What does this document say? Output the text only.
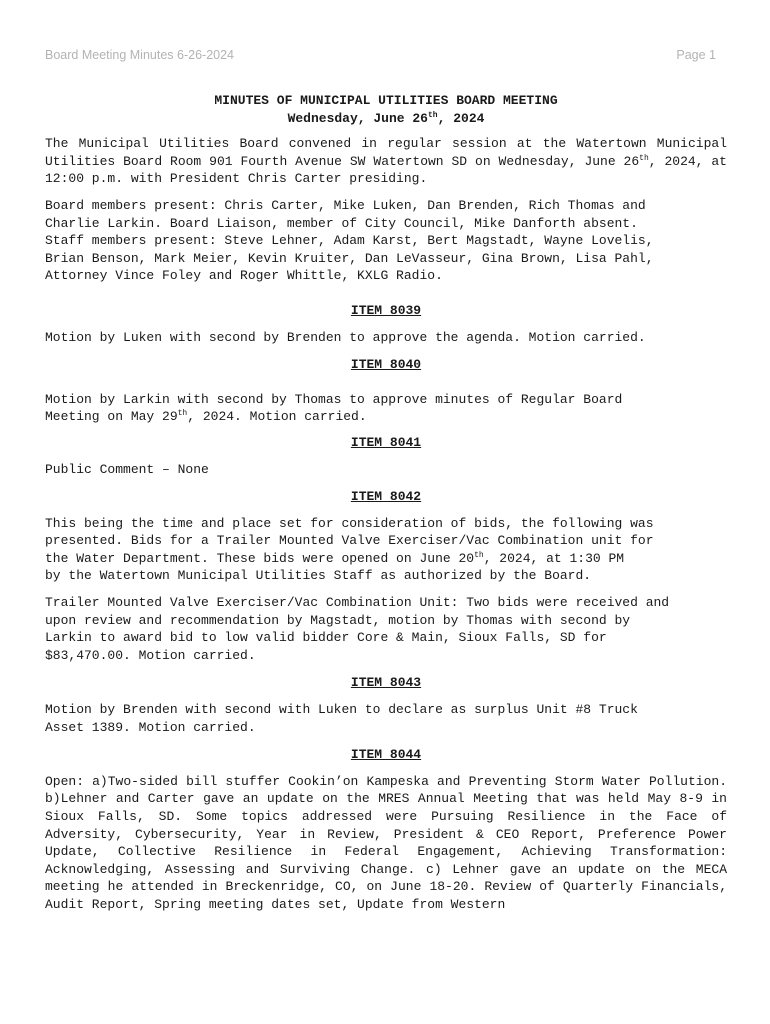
Board Meeting Minutes 6-26-2024	Page 1

MINUTES OF MUNICIPAL UTILITIES BOARD MEETING

Wednesday, June 26th, 2024

The Municipal Utilities Board convened in regular session at the Watertown Municipal Utilities Board Room 901 Fourth Avenue SW Watertown SD on Wednesday, June 26th, 2024, at 12:00 p.m. with President Chris Carter presiding.

Board members present: Chris Carter, Mike Luken, Dan Brenden, Rich Thomas and
Charlie Larkin. Board Liaison, member of City Council, Mike Danforth absent.
Staff members present: Steve Lehner, Adam Karst, Bert Magstadt, Wayne Lovelis,
Brian Benson, Mark Meier, Kevin Kruiter, Dan LeVasseur, Gina Brown, Lisa Pahl,
Attorney Vince Foley and Roger Whittle, KXLG Radio.

ITEM 8039

Motion by Luken with second by Brenden to approve the agenda. Motion carried.

ITEM 8040

Motion by Larkin with second by Thomas to approve minutes of Regular Board
Meeting on May 29th, 2024. Motion carried.

ITEM 8041

Public Comment – None

ITEM 8042

This being the time and place set for consideration of bids, the following was
presented. Bids for a Trailer Mounted Valve Exerciser/Vac Combination unit for
the Water Department. These bids were opened on June 20th, 2024, at 1:30 PM
by the Watertown Municipal Utilities Staff as authorized by the Board.

Trailer Mounted Valve Exerciser/Vac Combination Unit: Two bids were received and
upon review and recommendation by Magstadt, motion by Thomas with second by
Larkin to award bid to low valid bidder Core & Main, Sioux Falls, SD for
$83,470.00. Motion carried.

ITEM 8043

Motion by Brenden with second with Luken to declare as surplus Unit #8 Truck
Asset 1389. Motion carried.

ITEM 8044

Open: a)Two-sided bill stuffer Cookin’on Kampeska and Preventing Storm Water Pollution. b)Lehner and Carter gave an update on the MRES Annual Meeting that was held May 8-9 in Sioux Falls, SD. Some topics addressed were Pursuing Resilience in the Face of Adversity, Cybersecurity, Year in Review, President & CEO Report, Preference Power Update, Collective Resilience in Federal Engagement, Achieving Transformation: Acknowledging, Assessing and Surviving Change. c) Lehner gave an update on the MECA meeting he attended in Breckenridge, CO, on June 18-20. Review of Quarterly Financials, Audit Report, Spring meeting dates set, Update from Western
